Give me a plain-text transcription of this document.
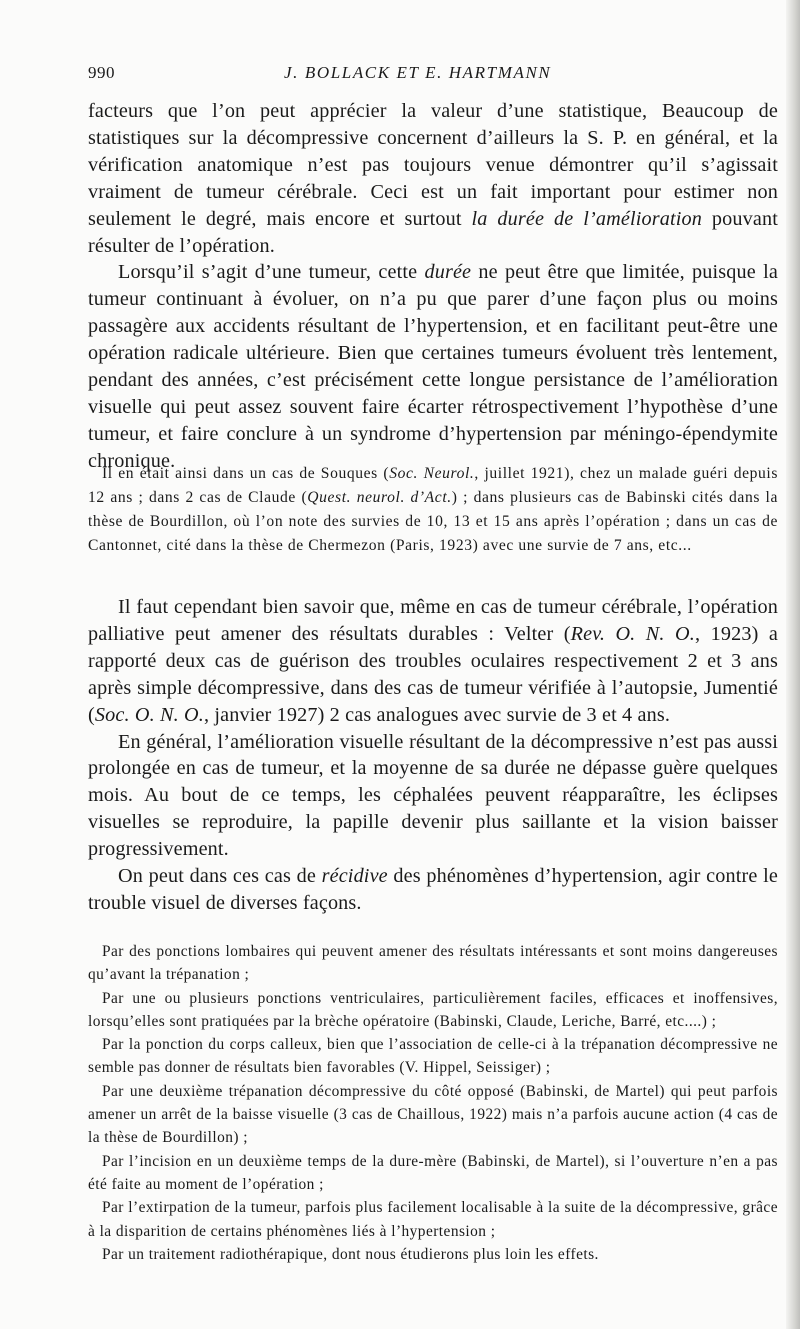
990	J. BOLLACK ET E. HARTMANN

facteurs que l’on peut apprécier la valeur d’une statistique, Beaucoup de statistiques sur la décompressive concernent d’ailleurs la S. P. en général, et la vérification anatomique n’est pas toujours venue démontrer qu’il s’agissait vraiment de tumeur cérébrale. Ceci est un fait important pour estimer non seulement le degré, mais encore et surtout la durée de l’amélioration pouvant résulter de l’opération.

Lorsqu’il s’agit d’une tumeur, cette durée ne peut être que limitée, puisque la tumeur continuant à évoluer, on n’a pu que parer d’une façon plus ou moins passagère aux accidents résultant de l’hypertension, et en facilitant peut-être une opération radicale ultérieure. Bien que certaines tumeurs évoluent très lentement, pendant des années, c’est précisément cette longue persistance de l’amélioration visuelle qui peut assez souvent faire écarter rétrospectivement l’hypothèse d’une tumeur, et faire conclure à un syndrome d’hypertension par méningo-épendymite chronique.

Il en était ainsi dans un cas de Souques (Soc. Neurol., juillet 1921), chez un malade guéri depuis 12 ans ; dans 2 cas de Claude (Quest. neurol. d’Act.) ; dans plusieurs cas de Babinski cités dans la thèse de Bourdillon, où l’on note des survies de 10, 13 et 15 ans après l’opération ; dans un cas de Cantonnet, cité dans la thèse de Chermezon (Paris, 1923) avec une survie de 7 ans, etc...

Il faut cependant bien savoir que, même en cas de tumeur cérébrale, l’opération palliative peut amener des résultats durables : Velter (Rev. O. N. O., 1923) a rapporté deux cas de guérison des troubles oculaires respectivement 2 et 3 ans après simple décompressive, dans des cas de tumeur vérifiée à l’autopsie, Jumentié (Soc. O. N. O., janvier 1927) 2 cas analogues avec survie de 3 et 4 ans.

En général, l’amélioration visuelle résultant de la décompressive n’est pas aussi prolongée en cas de tumeur, et la moyenne de sa durée ne dépasse guère quelques mois. Au bout de ce temps, les céphalées peuvent réapparaître, les éclipses visuelles se reproduire, la papille devenir plus saillante et la vision baisser progressivement.

On peut dans ces cas de récidive des phénomènes d’hypertension, agir contre le trouble visuel de diverses façons.

Par des ponctions lombaires qui peuvent amener des résultats intéressants et sont moins dangereuses qu’avant la trépanation ;

Par une ou plusieurs ponctions ventriculaires, particulièrement faciles, efficaces et inoffensives, lorsqu’elles sont pratiquées par la brèche opératoire (Babinski, Claude, Leriche, Barré, etc....) ;

Par la ponction du corps calleux, bien que l’association de celle-ci à la trépanation décompressive ne semble pas donner de résultats bien favorables (V. Hippel, Seissiger) ;

Par une deuxième trépanation décompressive du côté opposé (Babinski, de Martel) qui peut parfois amener un arrêt de la baisse visuelle (3 cas de Chaillous, 1922) mais n’a parfois aucune action (4 cas de la thèse de Bourdillon) ;

Par l’incision en un deuxième temps de la dure-mère (Babinski, de Martel), si l’ouverture n’en a pas été faite au moment de l’opération ;

Par l’extirpation de la tumeur, parfois plus facilement localisable à la suite de la décompressive, grâce à la disparition de certains phénomènes liés à l’hypertension ;

Par un traitement radiothérapique, dont nous étudierons plus loin les effets.
